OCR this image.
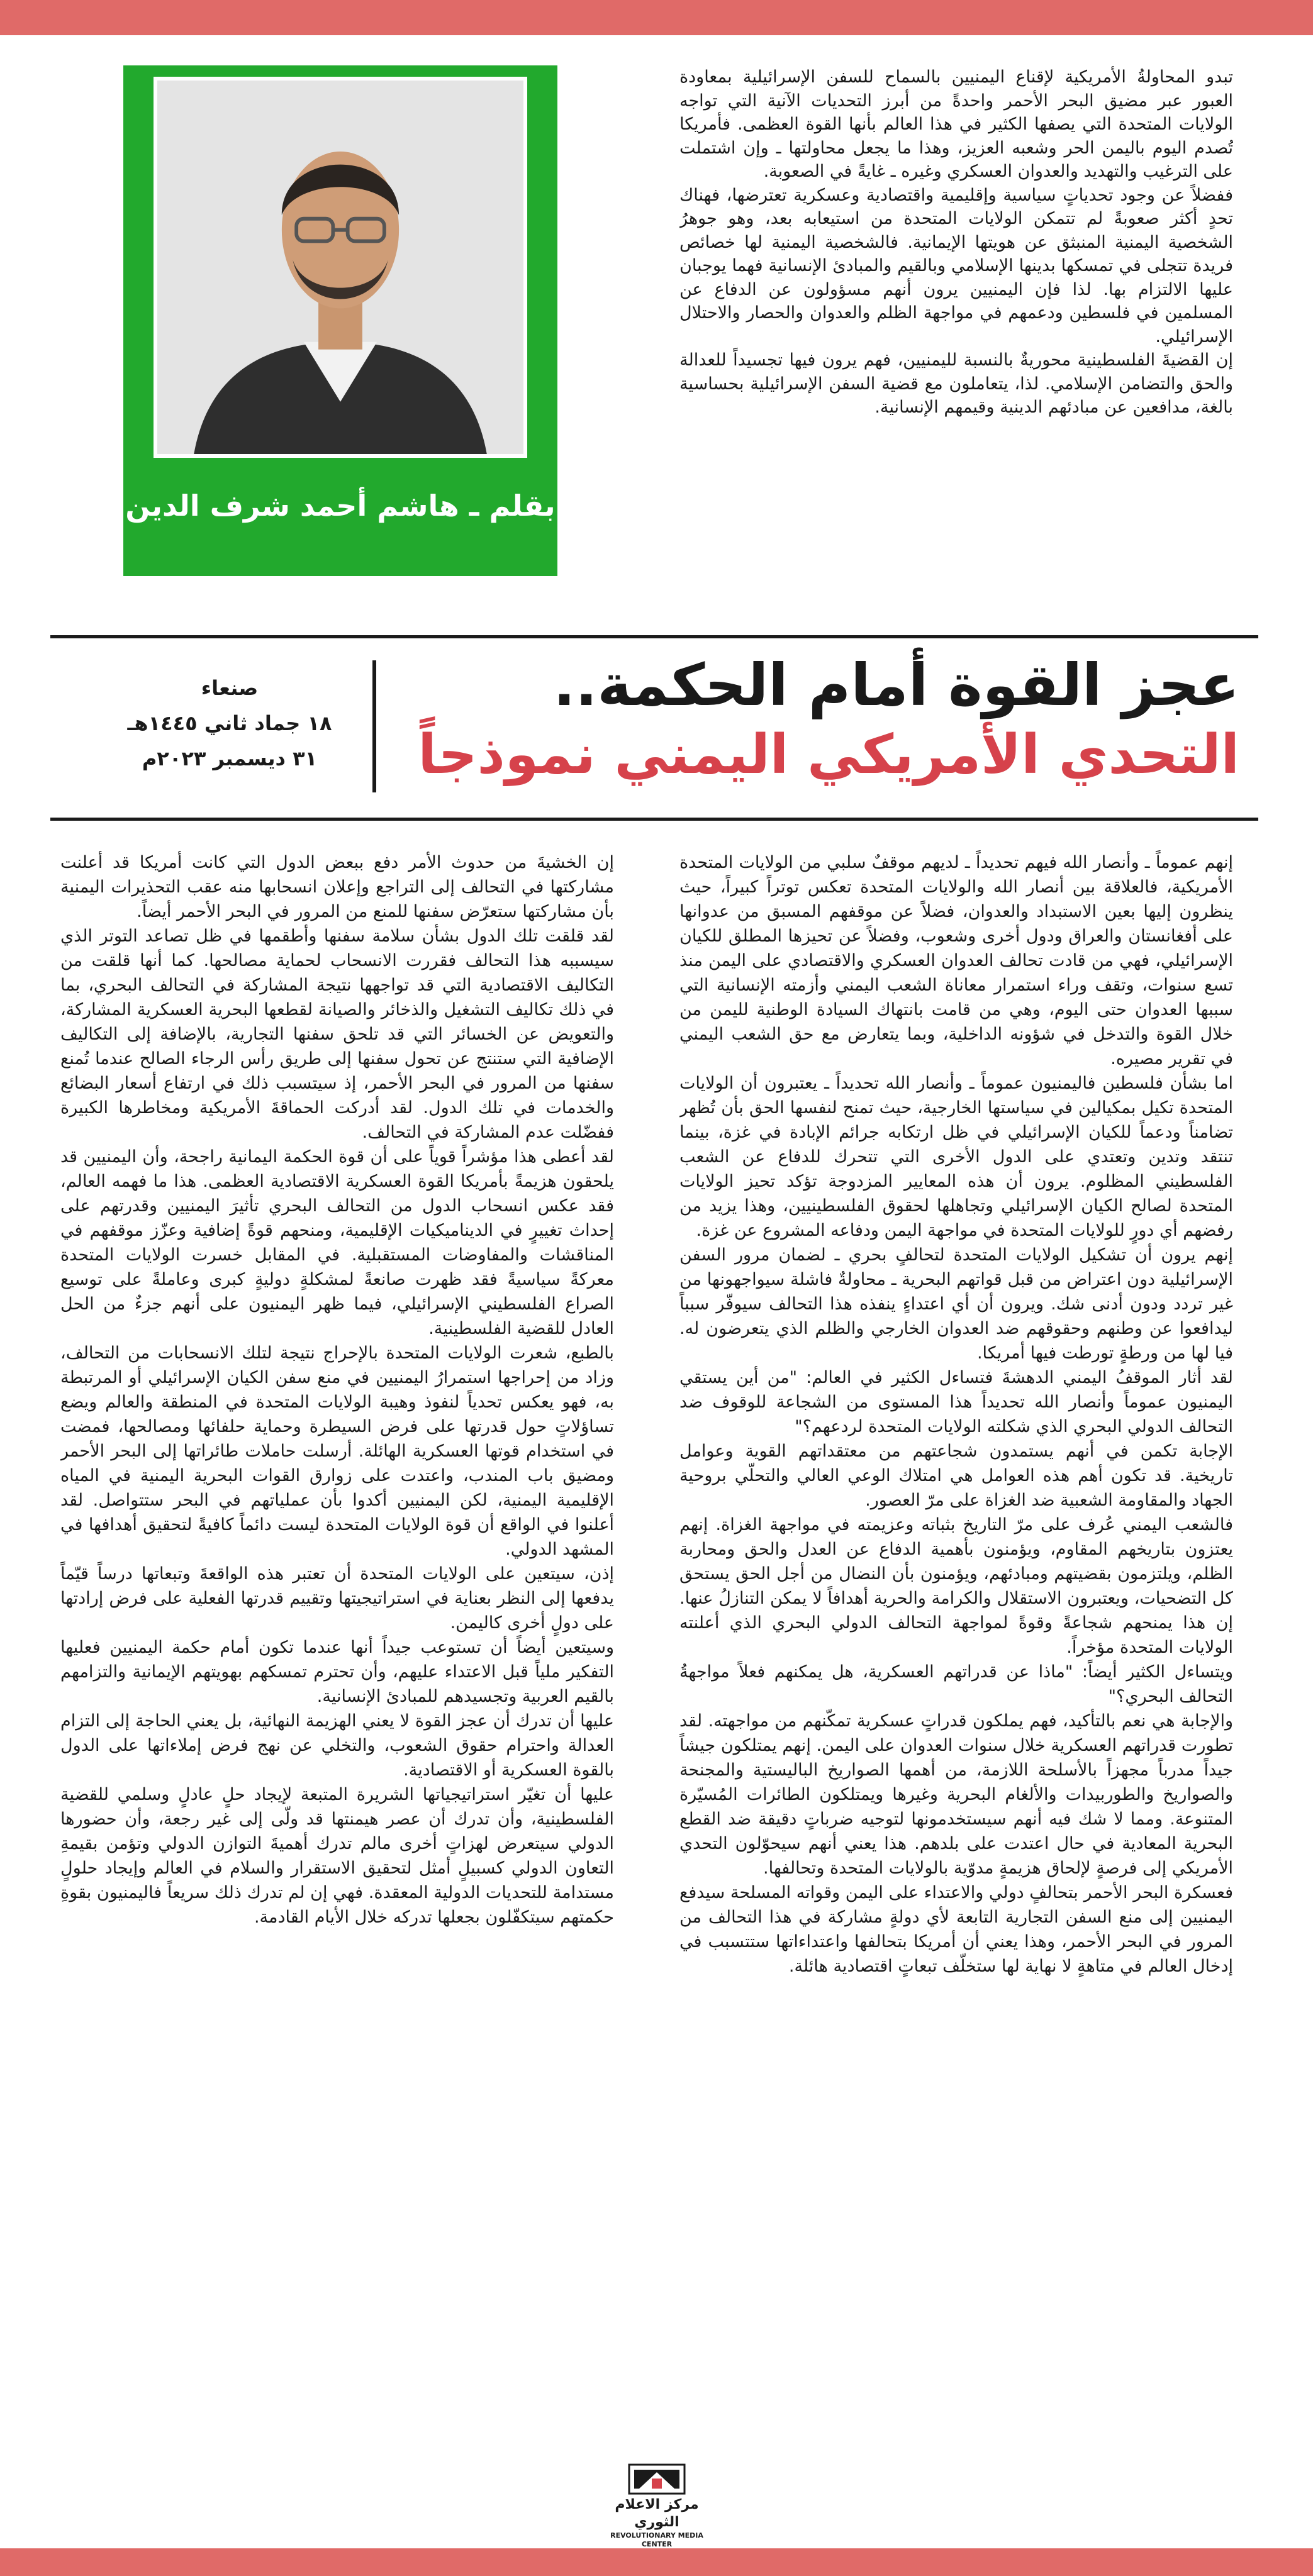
بقلم ـ هاشم أحمد شرف الدين

تبدو المحاولةُ الأمريكية لإقناع اليمنيين بالسماح للسفن الإسرائيلية بمعاودة العبور عبر مضيق البحر الأحمر واحدةً من أبرز التحديات الآنية التي تواجه الولايات المتحدة التي يصفها الكثير في هذا العالم بأنها القوة العظمى. فأمريكا تُصدم اليوم باليمن الحر وشعبه العزيز، وهذا ما يجعل محاولتها ـ وإن اشتملت على الترغيب والتهديد والعدوان العسكري وغيره ـ غايةً في الصعوبة.

ففضلاً عن وجود تحدياتٍ سياسية وإقليمية واقتصادية وعسكرية تعترضها، فهناك تحدٍ أكثر صعوبةً لم تتمكن الولايات المتحدة من استيعابه بعد، وهو جوهرُ الشخصية اليمنية المنبثق عن هويتها الإيمانية. فالشخصية اليمنية لها خصائص فريدة تتجلى في تمسكها بدينها الإسلامي وبالقيم والمبادئ الإنسانية فهما يوجبان عليها الالتزام بها. لذا فإن اليمنيين يرون أنهم مسؤولون عن الدفاع عن المسلمين في فلسطين ودعمهم في مواجهة الظلم والعدوان والحصار والاحتلال الإسرائيلي.

إن القضيةَ الفلسطينية محوريةٌ بالنسبة لليمنيين، فهم يرون فيها تجسيداً للعدالة والحق والتضامن الإسلامي. لذا، يتعاملون مع قضية السفن الإسرائيلية بحساسية بالغة، مدافعين عن مبادئهم الدينية وقيمهم الإنسانية.

عجز القوة أمام الحكمة..
التحدي الأمريكي اليمني نموذجاً
صنعاء
١٨ جماد ثاني ١٤٤٥هـ
٣١ ديسمبر ٢٠٢٣م

إنهم عموماً ـ وأنصار الله فيهم تحديداً ـ لديهم موقفٌ سلبي من الولايات المتحدة الأمريكية، فالعلاقة بين أنصار الله والولايات المتحدة تعكس توتراً كبيراً، حيث ينظرون إليها بعين الاستبداد والعدوان، فضلاً عن موقفهم المسبق من عدوانها على أفغانستان والعراق ودول أخرى وشعوب، وفضلاً عن تحيزها المطلق للكيان الإسرائيلي، فهي من قادت تحالف العدوان العسكري والاقتصادي على اليمن منذ تسع سنوات، وتقف وراء استمرار معاناة الشعب اليمني وأزمته الإنسانية التي سببها العدوان حتى اليوم، وهي من قامت بانتهاك السيادة الوطنية لليمن من خلال القوة والتدخل في شؤونه الداخلية، وبما يتعارض مع حق الشعب اليمني في تقرير مصيره.

اما بشأن فلسطين فاليمنيون عموماً ـ وأنصار الله تحديداً ـ يعتبرون أن الولايات المتحدة تكيل بمكيالين في سياستها الخارجية، حيث تمنح لنفسها الحق بأن تُظهر تضامناً ودعماً للكيان الإسرائيلي في ظل ارتكابه جرائم الإبادة في غزة، بينما تنتقد وتدين وتعتدي على الدول الأخرى التي تتحرك للدفاع عن الشعب الفلسطيني المظلوم. يرون أن هذه المعايير المزدوجة تؤكد تحيز الولايات المتحدة لصالح الكيان الإسرائيلي وتجاهلها لحقوق الفلسطينيين، وهذا يزيد من رفضهم أي دورٍ للولايات المتحدة في مواجهة اليمن ودفاعه المشروع عن غزة.

إنهم يرون أن تشكيل الولايات المتحدة لتحالفٍ بحري ـ لضمان مرور السفن الإسرائيلية دون اعتراض من قبل قواتهم البحرية ـ محاولةٌ فاشلة سيواجهونها من غير تردد ودون أدنى شك. ويرون أن أي اعتداءٍ ينفذه هذا التحالف سيوفّر سبباً ليدافعوا عن وطنهم وحقوقهم ضد العدوان الخارجي والظلم الذي يتعرضون له. فيا لها من ورطةٍ تورطت فيها أمريكا.

لقد أثار الموقفُ اليمني الدهشةَ فتساءل الكثير في العالم: "من أين يستقي اليمنيون عموماً وأنصار الله تحديداً هذا المستوى من الشجاعة للوقوف ضد التحالف الدولي البحري الذي شكلته الولايات المتحدة لردعهم؟"

الإجابة تكمن في أنهم يستمدون شجاعتهم من معتقداتهم القوية وعوامل تاريخية. قد تكون أهم هذه العوامل هي امتلاك الوعي العالي والتحلّي بروحية الجهاد والمقاومة الشعبية ضد الغزاة على مرّ العصور.

فالشعب اليمني عُرف على مرّ التاريخ بثباته وعزيمته في مواجهة الغزاة. إنهم يعتزون بتاريخهم المقاوم، ويؤمنون بأهمية الدفاع عن العدل والحق ومحاربة الظلم، ويلتزمون بقضيتهم ومبادئهم، ويؤمنون بأن النضال من أجل الحق يستحق كل التضحيات، ويعتبرون الاستقلال والكرامة والحرية أهدافاً لا يمكن التنازلُ عنها. إن هذا يمنحهم شجاعةً وقوةً لمواجهة التحالف الدولي البحري الذي أعلنته الولايات المتحدة مؤخراً.

ويتساءل الكثير أيضاً: "ماذا عن قدراتهم العسكرية، هل يمكنهم فعلاً مواجهةُ التحالف البحري؟"

والإجابة هي نعم بالتأكيد، فهم يملكون قدراتٍ عسكرية تمكّنهم من مواجهته. لقد تطورت قدراتهم العسكرية خلال سنوات العدوان على اليمن. إنهم يمتلكون جيشاً جيداً مدرباً مجهزاً بالأسلحة اللازمة، من أهمها الصواريخ الباليستية والمجنحة والصواريخ والطوربيدات والألغام البحرية وغيرها ويمتلكون الطائرات المُسيّرة المتنوعة. ومما لا شك فيه أنهم سيستخدمونها لتوجيه ضرباتٍ دقيقة ضد القطع البحرية المعادية في حال اعتدت على بلدهم. هذا يعني أنهم سيحوّلون التحدي الأمريكي إلى فرصةٍ لإلحاق هزيمةٍ مدوّية بالولايات المتحدة وتحالفها.

فعسكرة البحر الأحمر بتحالفٍ دولي والاعتداء على اليمن وقواته المسلحة سيدفع اليمنيين إلى منع السفن التجارية التابعة لأي دولةٍ مشاركة في هذا التحالف من المرور في البحر الأحمر، وهذا يعني أن أمريكا بتحالفها واعتداءاتها ستتسبب في إدخال العالم في متاهةٍ لا نهاية لها ستخلّف تبعاتٍ اقتصادية هائلة.

إن الخشيةَ من حدوث الأمر دفع ببعض الدول التي كانت أمريكا قد أعلنت مشاركتها في التحالف إلى التراجع وإعلان انسحابها منه عقب التحذيرات اليمنية بأن مشاركتها ستعرّض سفنها للمنع من المرور في البحر الأحمر أيضاً.

لقد قلقت تلك الدول بشأن سلامة سفنها وأطقمها في ظل تصاعد التوتر الذي سيسببه هذا التحالف فقررت الانسحاب لحماية مصالحها. كما أنها قلقت من التكاليف الاقتصادية التي قد تواجهها نتيجة المشاركة في التحالف البحري، بما في ذلك تكاليف التشغيل والذخائر والصيانة لقطعها البحرية العسكرية المشاركة، والتعويض عن الخسائر التي قد تلحق سفنها التجارية، بالإضافة إلى التكاليف الإضافية التي ستنتج عن تحول سفنها إلى طريق رأس الرجاء الصالح عندما تُمنع سفنها من المرور في البحر الأحمر، إذ سيتسبب ذلك في ارتفاع أسعار البضائع والخدمات في تلك الدول. لقد أدركت الحماقةَ الأمريكية ومخاطرها الكبيرة ففضّلت عدم المشاركة في التحالف.

لقد أعطى هذا مؤشراً قوياً على أن قوة الحكمة اليمانية راجحة، وأن اليمنيين قد يلحقون هزيمةً بأمريكا القوة العسكرية الاقتصادية العظمى. هذا ما فهمه العالم، فقد عكس انسحاب الدول من التحالف البحري تأثيرَ اليمنيين وقدرتهم على إحداث تغييرٍ في الديناميكيات الإقليمية، ومنحهم قوةً إضافية وعزّز موقفهم في المناقشات والمفاوضات المستقبلية. في المقابل خسرت الولايات المتحدة معركةً سياسيةً فقد ظهرت صانعةً لمشكلةٍ دوليةٍ كبرى وعاملةً على توسيع الصراع الفلسطيني الإسرائيلي، فيما ظهر اليمنيون على أنهم جزءٌ من الحل العادل للقضية الفلسطينية.

بالطبع، شعرت الولايات المتحدة بالإحراج نتيجة لتلك الانسحابات من التحالف، وزاد من إحراجها استمرارُ اليمنيين في منع سفن الكيان الإسرائيلي أو المرتبطة به، فهو يعكس تحدياً لنفوذ وهيبة الولايات المتحدة في المنطقة والعالم ويضع تساؤلاتٍ حول قدرتها على فرض السيطرة وحماية حلفائها ومصالحها، فمضت في استخدام قوتها العسكرية الهائلة. أرسلت حاملات طائراتها إلى البحر الأحمر ومضيق باب المندب، واعتدت على زوارق القوات البحرية اليمنية في المياه الإقليمية اليمنية، لكن اليمنيين أكدوا بأن عملياتهم في البحر ستتواصل. لقد أعلنوا في الواقع أن قوة الولايات المتحدة ليست دائماً كافيةً لتحقيق أهدافها في المشهد الدولي.

إذن، سيتعين على الولايات المتحدة أن تعتبر هذه الواقعةَ وتبعاتها درساً قيّماً يدفعها إلى النظر بعناية في استراتيجيتها وتقييم قدرتها الفعلية على فرض إرادتها على دولٍ أخرى كاليمن.

وسيتعين أيضاً أن تستوعب جيداً أنها عندما تكون أمام حكمة اليمنيين فعليها التفكير ملياً قبل الاعتداء عليهم، وأن تحترم تمسكهم بهويتهم الإيمانية والتزامهم بالقيم العربية وتجسيدهم للمبادئ الإنسانية.

عليها أن تدرك أن عجز القوة لا يعني الهزيمة النهائية، بل يعني الحاجة إلى التزام العدالة واحترام حقوق الشعوب، والتخلي عن نهج فرض إملاءاتها على الدول بالقوة العسكرية أو الاقتصادية.

عليها أن تغيّر استراتيجياتها الشريرة المتبعة لإيجاد حلٍ عادلٍ وسلمي للقضية الفلسطينية، وأن تدرك أن عصر هيمنتها قد ولّى إلى غير رجعة، وأن حضورها الدولي سيتعرض لهزاتٍ أخرى مالم تدرك أهميةَ التوازن الدولي وتؤمن بقيمةِ التعاون الدولي كسبيلٍ أمثل لتحقيق الاستقرار والسلام في العالم وإيجاد حلولٍ مستدامة للتحديات الدولية المعقدة. فهي إن لم تدرك ذلك سريعاً فاليمنيون بقوةِ حكمتهم سيتكفّلون بجعلها تدركه خلال الأيام القادمة.

مركز الاعلام الثوري
REVOLUTIONARY MEDIA
CENTER
